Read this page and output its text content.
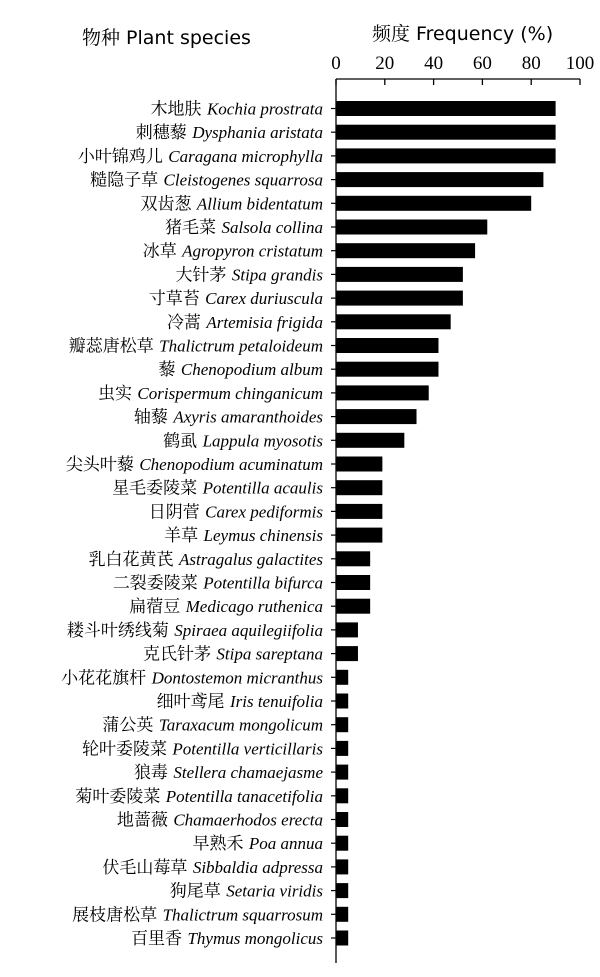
物种 Plant species	频度 Frequency (%)
0 20 40 60 80 100
木地肤 Kochia prostrata
刺穗藜 Dysphania aristata
小叶锦鸡儿 Caragana microphylla
糙隐子草 Cleistogenes squarrosa
双齿葱 Allium bidentatum
猪毛菜 Salsola collina
冰草 Agropyron cristatum
大针茅 Stipa grandis
寸草苔 Carex duriuscula
冷蒿 Artemisia frigida
瓣蕊唐松草 Thalictrum petaloideum
藜 Chenopodium album
虫实 Corispermum chinganicum
轴藜 Axyris amaranthoides
鹤虱 Lappula myosotis
尖头叶藜 Chenopodium acuminatum
星毛委陵菜 Potentilla acaulis
日阴菅 Carex pediformis
羊草 Leymus chinensis
乳白花黄芪 Astragalus galactites
二裂委陵菜 Potentilla bifurca
扁蓿豆 Medicago ruthenica
耧斗叶绣线菊 Spiraea aquilegiifolia
克氏针茅 Stipa sareptana
小花花旗杆 Dontostemon micranthus
细叶鸢尾 Iris tenuifolia
蒲公英 Taraxacum mongolicum
轮叶委陵菜 Potentilla verticillaris
狼毒 Stellera chamaejasme
菊叶委陵菜 Potentilla tanacetifolia
地蔷薇 Chamaerhodos erecta
早熟禾 Poa annua
伏毛山莓草 Sibbaldia adpressa
狗尾草 Setaria viridis
展枝唐松草 Thalictrum squarrosum
百里香 Thymus mongolicus
